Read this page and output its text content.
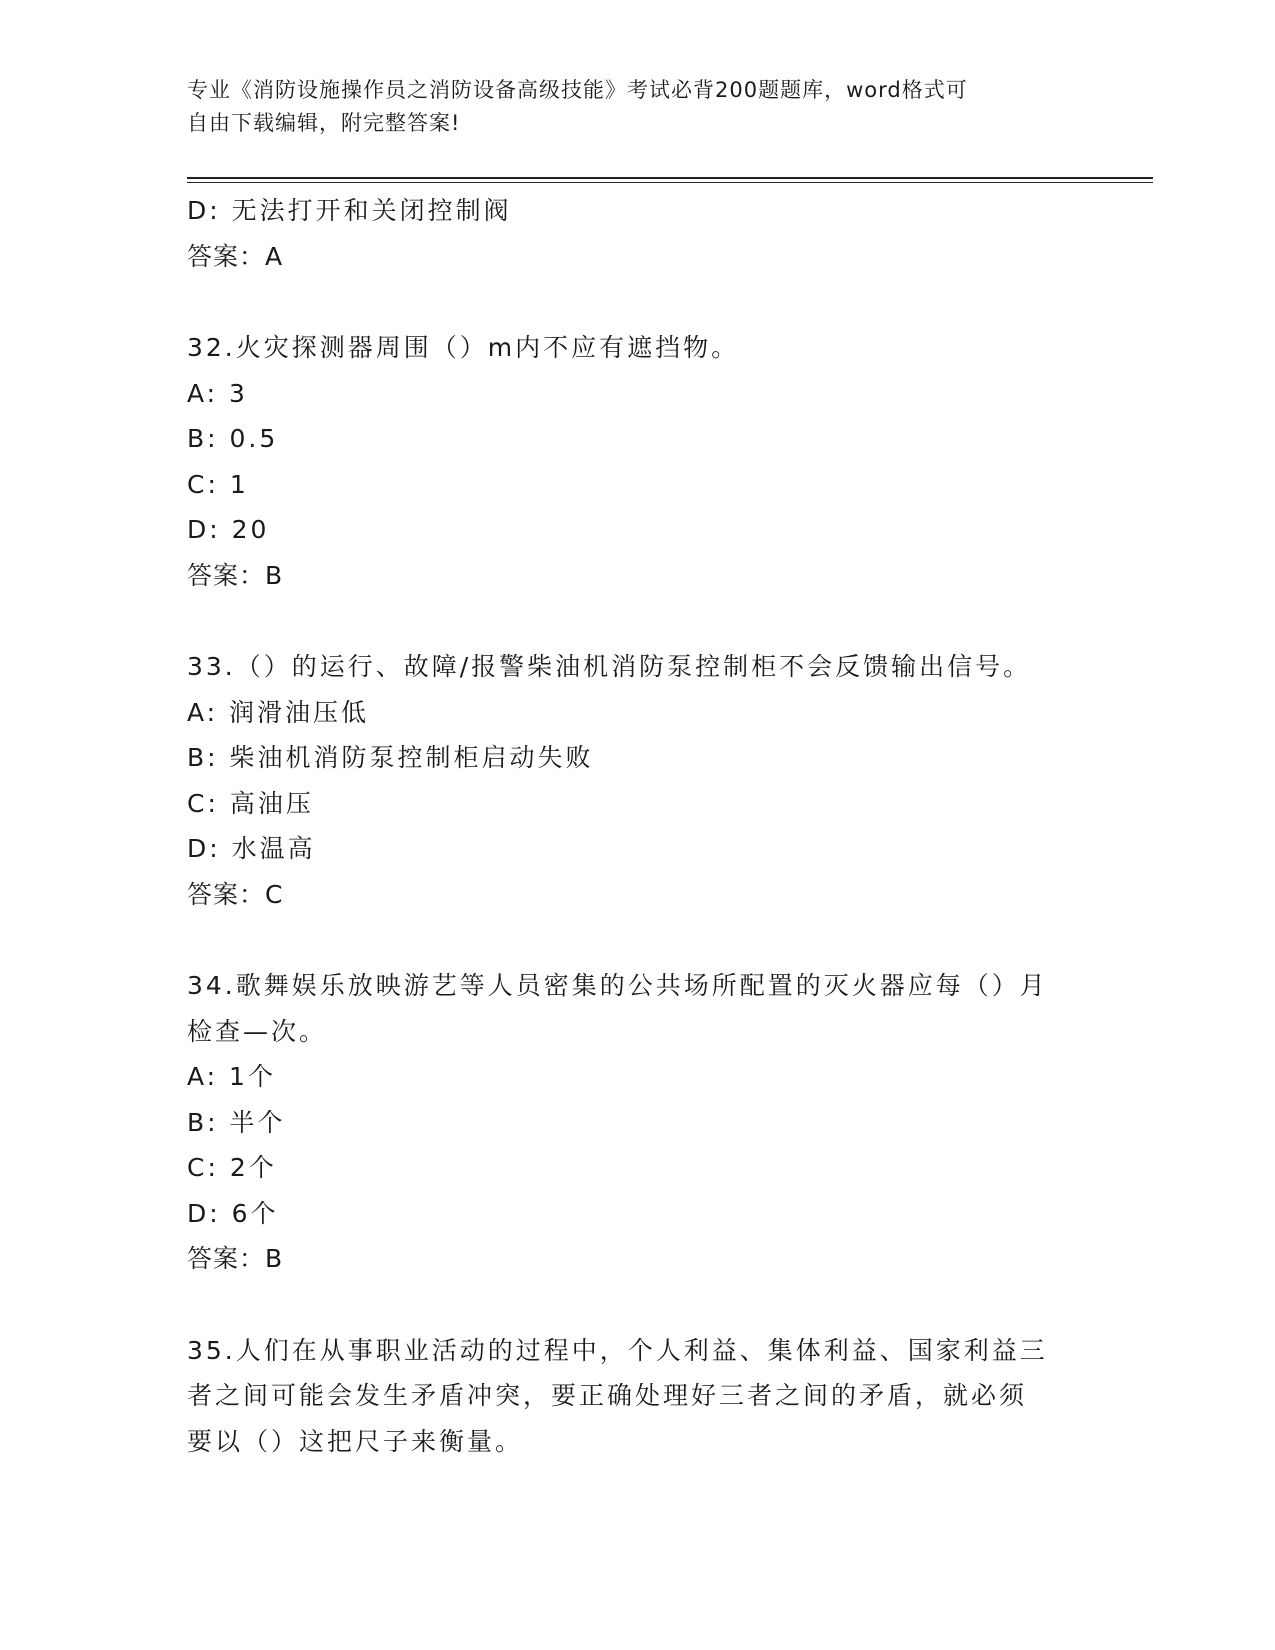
专业《消防设施操作员之消防设备高级技能》考试必背200题题库，word格式可
自由下载编辑，附完整答案!
D: 无法打开和关闭控制阀
答案：A
32.火灾探测器周围（）m内不应有遮挡物。
A: 3
B: 0.5
C: 1
D: 20
答案：B
33.（）的运行、故障/报警柴油机消防泵控制柜不会反馈输出信号。
A: 润滑油压低
B: 柴油机消防泵控制柜启动失败
C: 高油压
D: 水温高
答案：C
34.歌舞娱乐放映游艺等人员密集的公共场所配置的灭火器应每（）月
检查—次。
A: 1个
B: 半个
C: 2个
D: 6个
答案：B
35.人们在从事职业活动的过程中，个人利益、集体利益、国家利益三
者之间可能会发生矛盾冲突，要正确处理好三者之间的矛盾，就必须
要以（）这把尺子来衡量。
